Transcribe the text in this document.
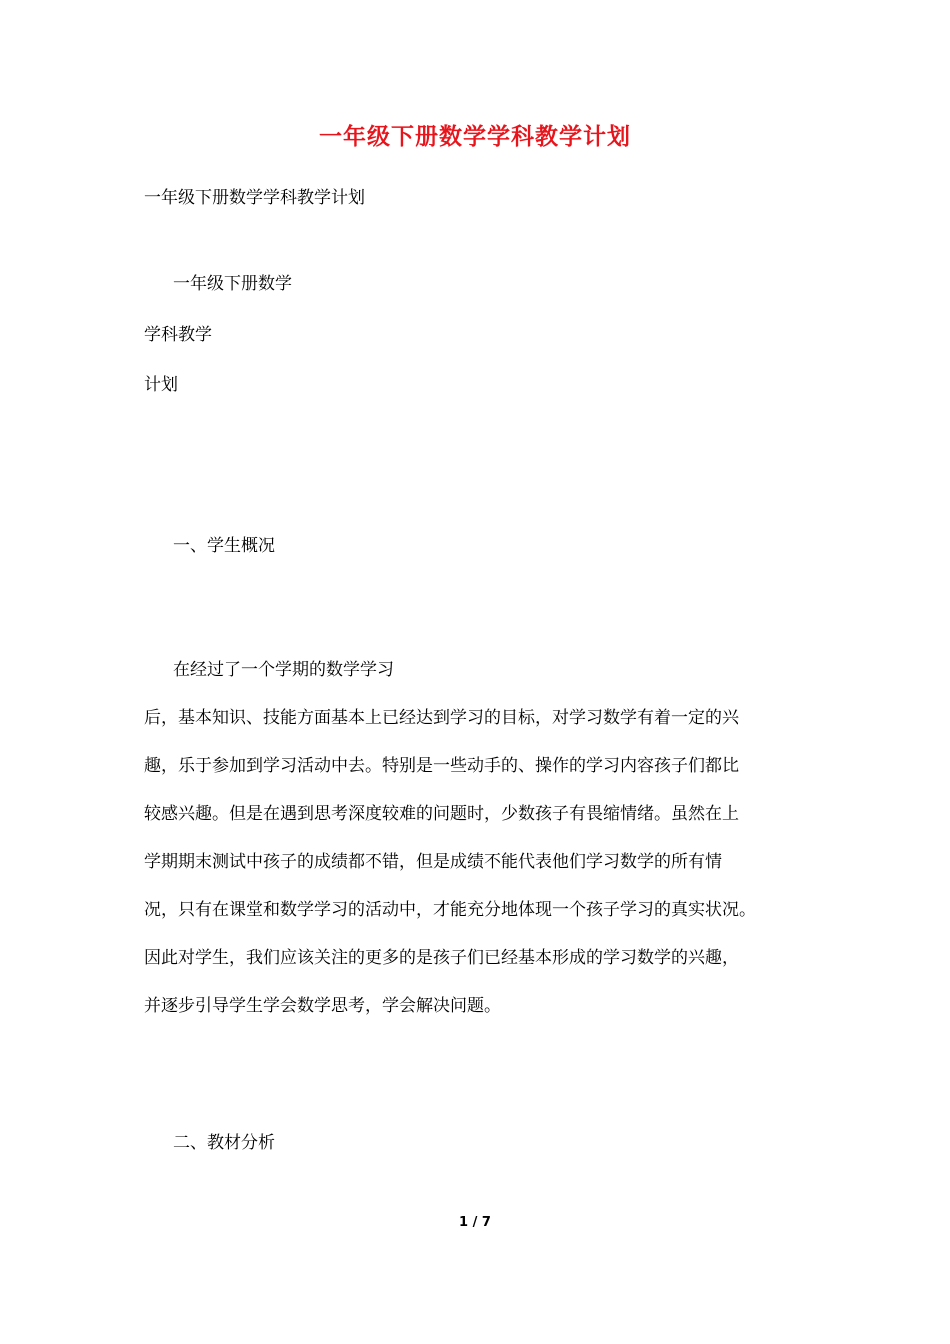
一年级下册数学学科教学计划
一年级下册数学学科教学计划
一年级下册数学
学科教学
计划
一、学生概况
在经过了一个学期的数学学习
后，基本知识、技能方面基本上已经达到学习的目标，对学习数学有着一定的兴
趣，乐于参加到学习活动中去。特别是一些动手的、操作的学习内容孩子们都比
较感兴趣。但是在遇到思考深度较难的问题时，少数孩子有畏缩情绪。虽然在上
学期期末测试中孩子的成绩都不错，但是成绩不能代表他们学习数学的所有情
况，只有在课堂和数学学习的活动中，才能充分地体现一个孩子学习的真实状况。
因此对学生，我们应该关注的更多的是孩子们已经基本形成的学习数学的兴趣，
并逐步引导学生学会数学思考，学会解决问题。
二、教材分析
1 / 7
